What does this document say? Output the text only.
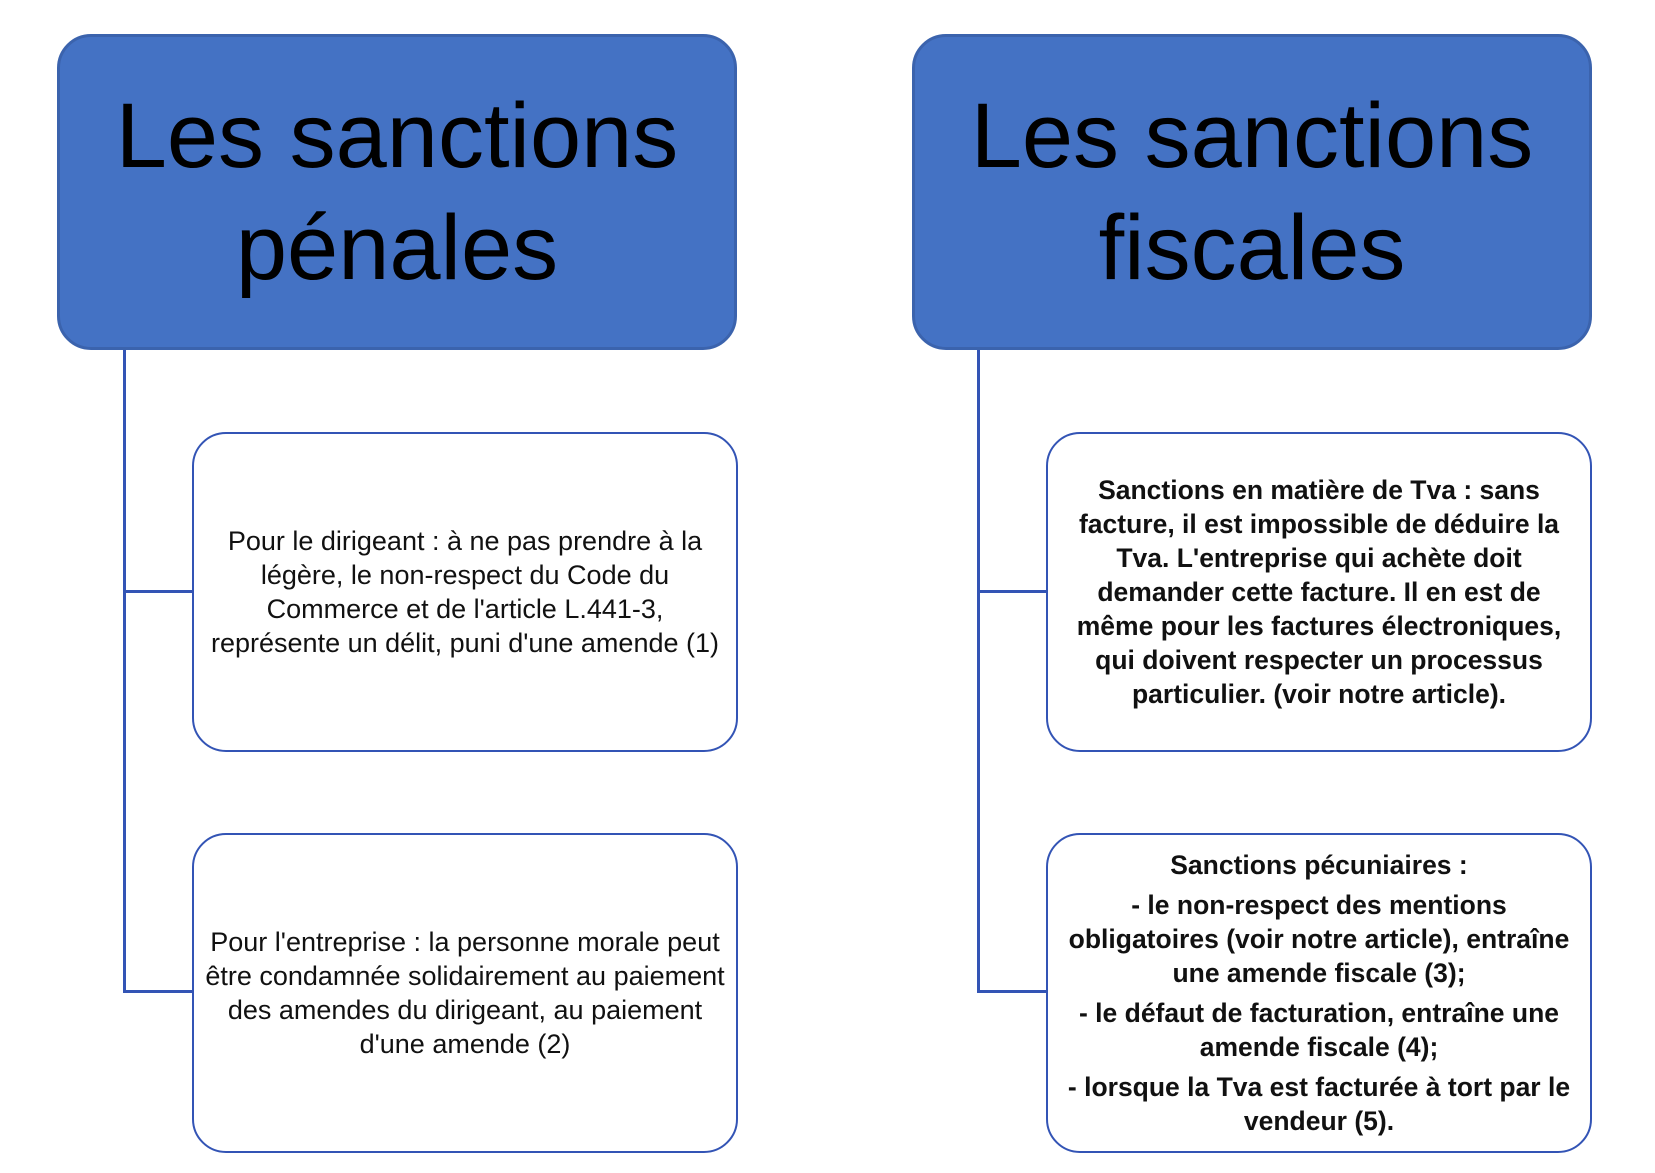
Les sanctions
pénales
Pour le dirigeant : à ne pas prendre à la légère, le non-respect du Code du Commerce et de l'article L.441-3, représente un délit, puni d'une amende (1)
Pour l'entreprise : la personne morale peut être condamnée solidairement au paiement des amendes du dirigeant, au paiement d'une amende (2)
Les sanctions
fiscales
Sanctions en matière de Tva : sans facture, il est impossible de déduire la Tva. L'entreprise qui achète doit demander cette facture. Il en est de même pour les factures électroniques, qui doivent respecter un processus particulier. (voir notre article).
Sanctions pécuniaires :
- le non-respect des mentions obligatoires (voir notre article), entraîne une amende fiscale (3);
- le défaut de facturation, entraîne une amende fiscale (4);
- lorsque la Tva est facturée à tort par le vendeur (5).
